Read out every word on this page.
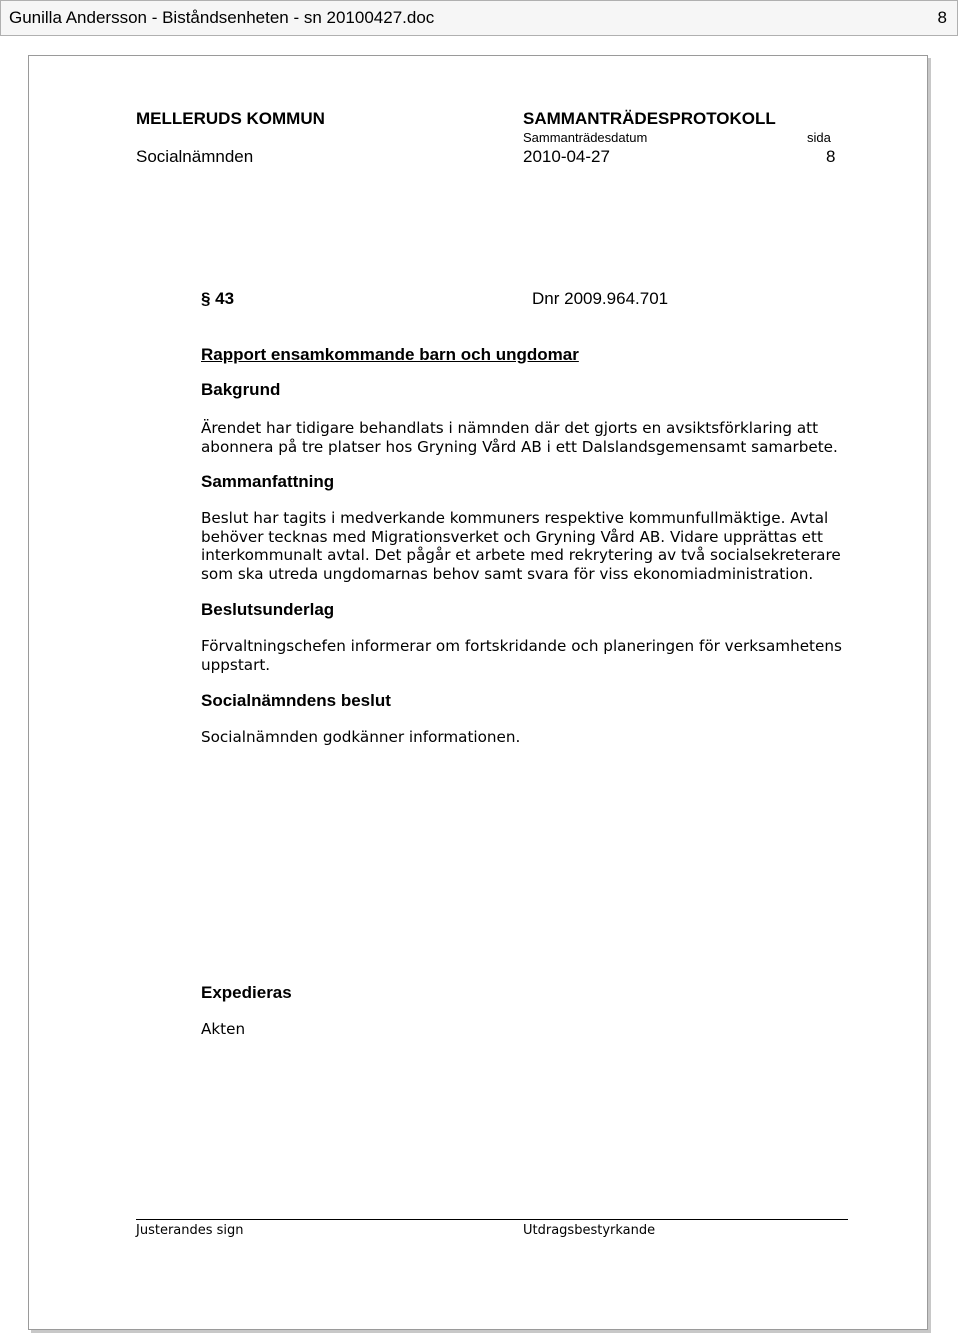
Gunilla Andersson - Biståndsenheten - sn 20100427.doc	8
MELLERUDS KOMMUN	SAMMANTRÄDESPROTOKOLL
Sammanträdesdatum	sida
Socialnämnden	2010-04-27	8
§ 43	Dnr 2009.964.701
Rapport ensamkommande barn och ungdomar
Bakgrund
Ärendet har tidigare behandlats i nämnden där det gjorts en avsiktsförklaring att
abonnera på tre platser hos Gryning Vård AB i ett Dalslandsgemensamt samarbete.
Sammanfattning
Beslut har tagits i medverkande kommuners respektive kommunfullmäktige. Avtal
behöver tecknas med Migrationsverket och Gryning Vård AB. Vidare upprättas ett
interkommunalt avtal. Det pågår et arbete med rekrytering av två socialsekreterare
som ska utreda ungdomarnas behov samt svara för viss ekonomiadministration.
Beslutsunderlag
Förvaltningschefen informerar om fortskridande och planeringen för verksamhetens
uppstart.
Socialnämndens beslut
Socialnämnden godkänner informationen.
Expedieras
Akten
Justerandes sign	Utdragsbestyrkande
